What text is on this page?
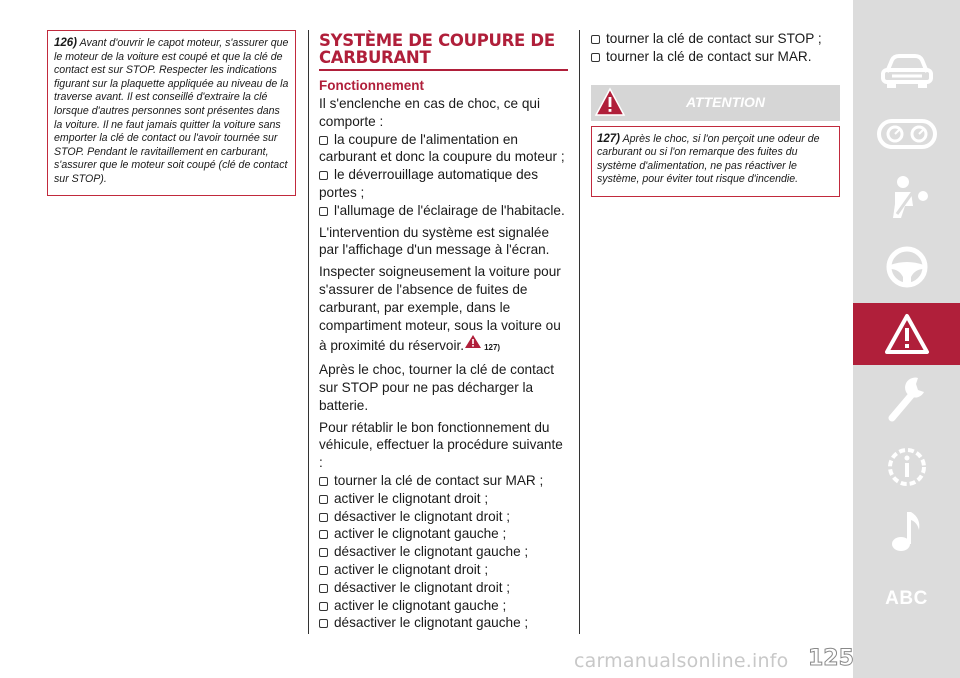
126) Avant d'ouvrir le capot moteur, s'assurer que le moteur de la voiture est coupé et que la clé de contact est sur STOP. Respecter les indications figurant sur la plaquette appliquée au niveau de la traverse avant. Il est conseillé d'extraire la clé lorsque d'autres personnes sont présentes dans la voiture. Il ne faut jamais quitter la voiture sans emporter la clé de contact ou l'avoir tournée sur STOP. Pendant le ravitaillement en carburant, s'assurer que le moteur soit coupé (clé de contact sur STOP).

SYSTÈME DE COUPURE DE
CARBURANT
Fonctionnement

Il s'enclenche en cas de choc, ce qui comporte :

la coupure de l'alimentation en carburant et donc la coupure du moteur ;
le déverrouillage automatique des portes ;
l'allumage de l'éclairage de l'habitacle.

L'intervention du système est signalée par l'affichage d'un message à l'écran.

Inspecter soigneusement la voiture pour s'assurer de l'absence de fuites de carburant, par exemple, dans le compartiment moteur, sous la voiture ou à proximité du réservoir.	127)

Après le choc, tourner la clé de contact sur STOP pour ne pas décharger la batterie.

Pour rétablir le bon fonctionnement du véhicule, effectuer la procédure suivante :

tourner la clé de contact sur MAR ;
activer le clignotant droit ;
désactiver le clignotant droit ;
activer le clignotant gauche ;
désactiver le clignotant gauche ;
activer le clignotant droit ;
désactiver le clignotant droit ;
activer le clignotant gauche ;
désactiver le clignotant gauche ;
tourner la clé de contact sur STOP ;
tourner la clé de contact sur MAR.
ATTENTION

127) Après le choc, si l'on perçoit une odeur de carburant ou si l'on remarque des fuites du système d'alimentation, ne pas réactiver le système, pour éviter tout risque d'incendie.

ABC
carmanualsonline.info 125
